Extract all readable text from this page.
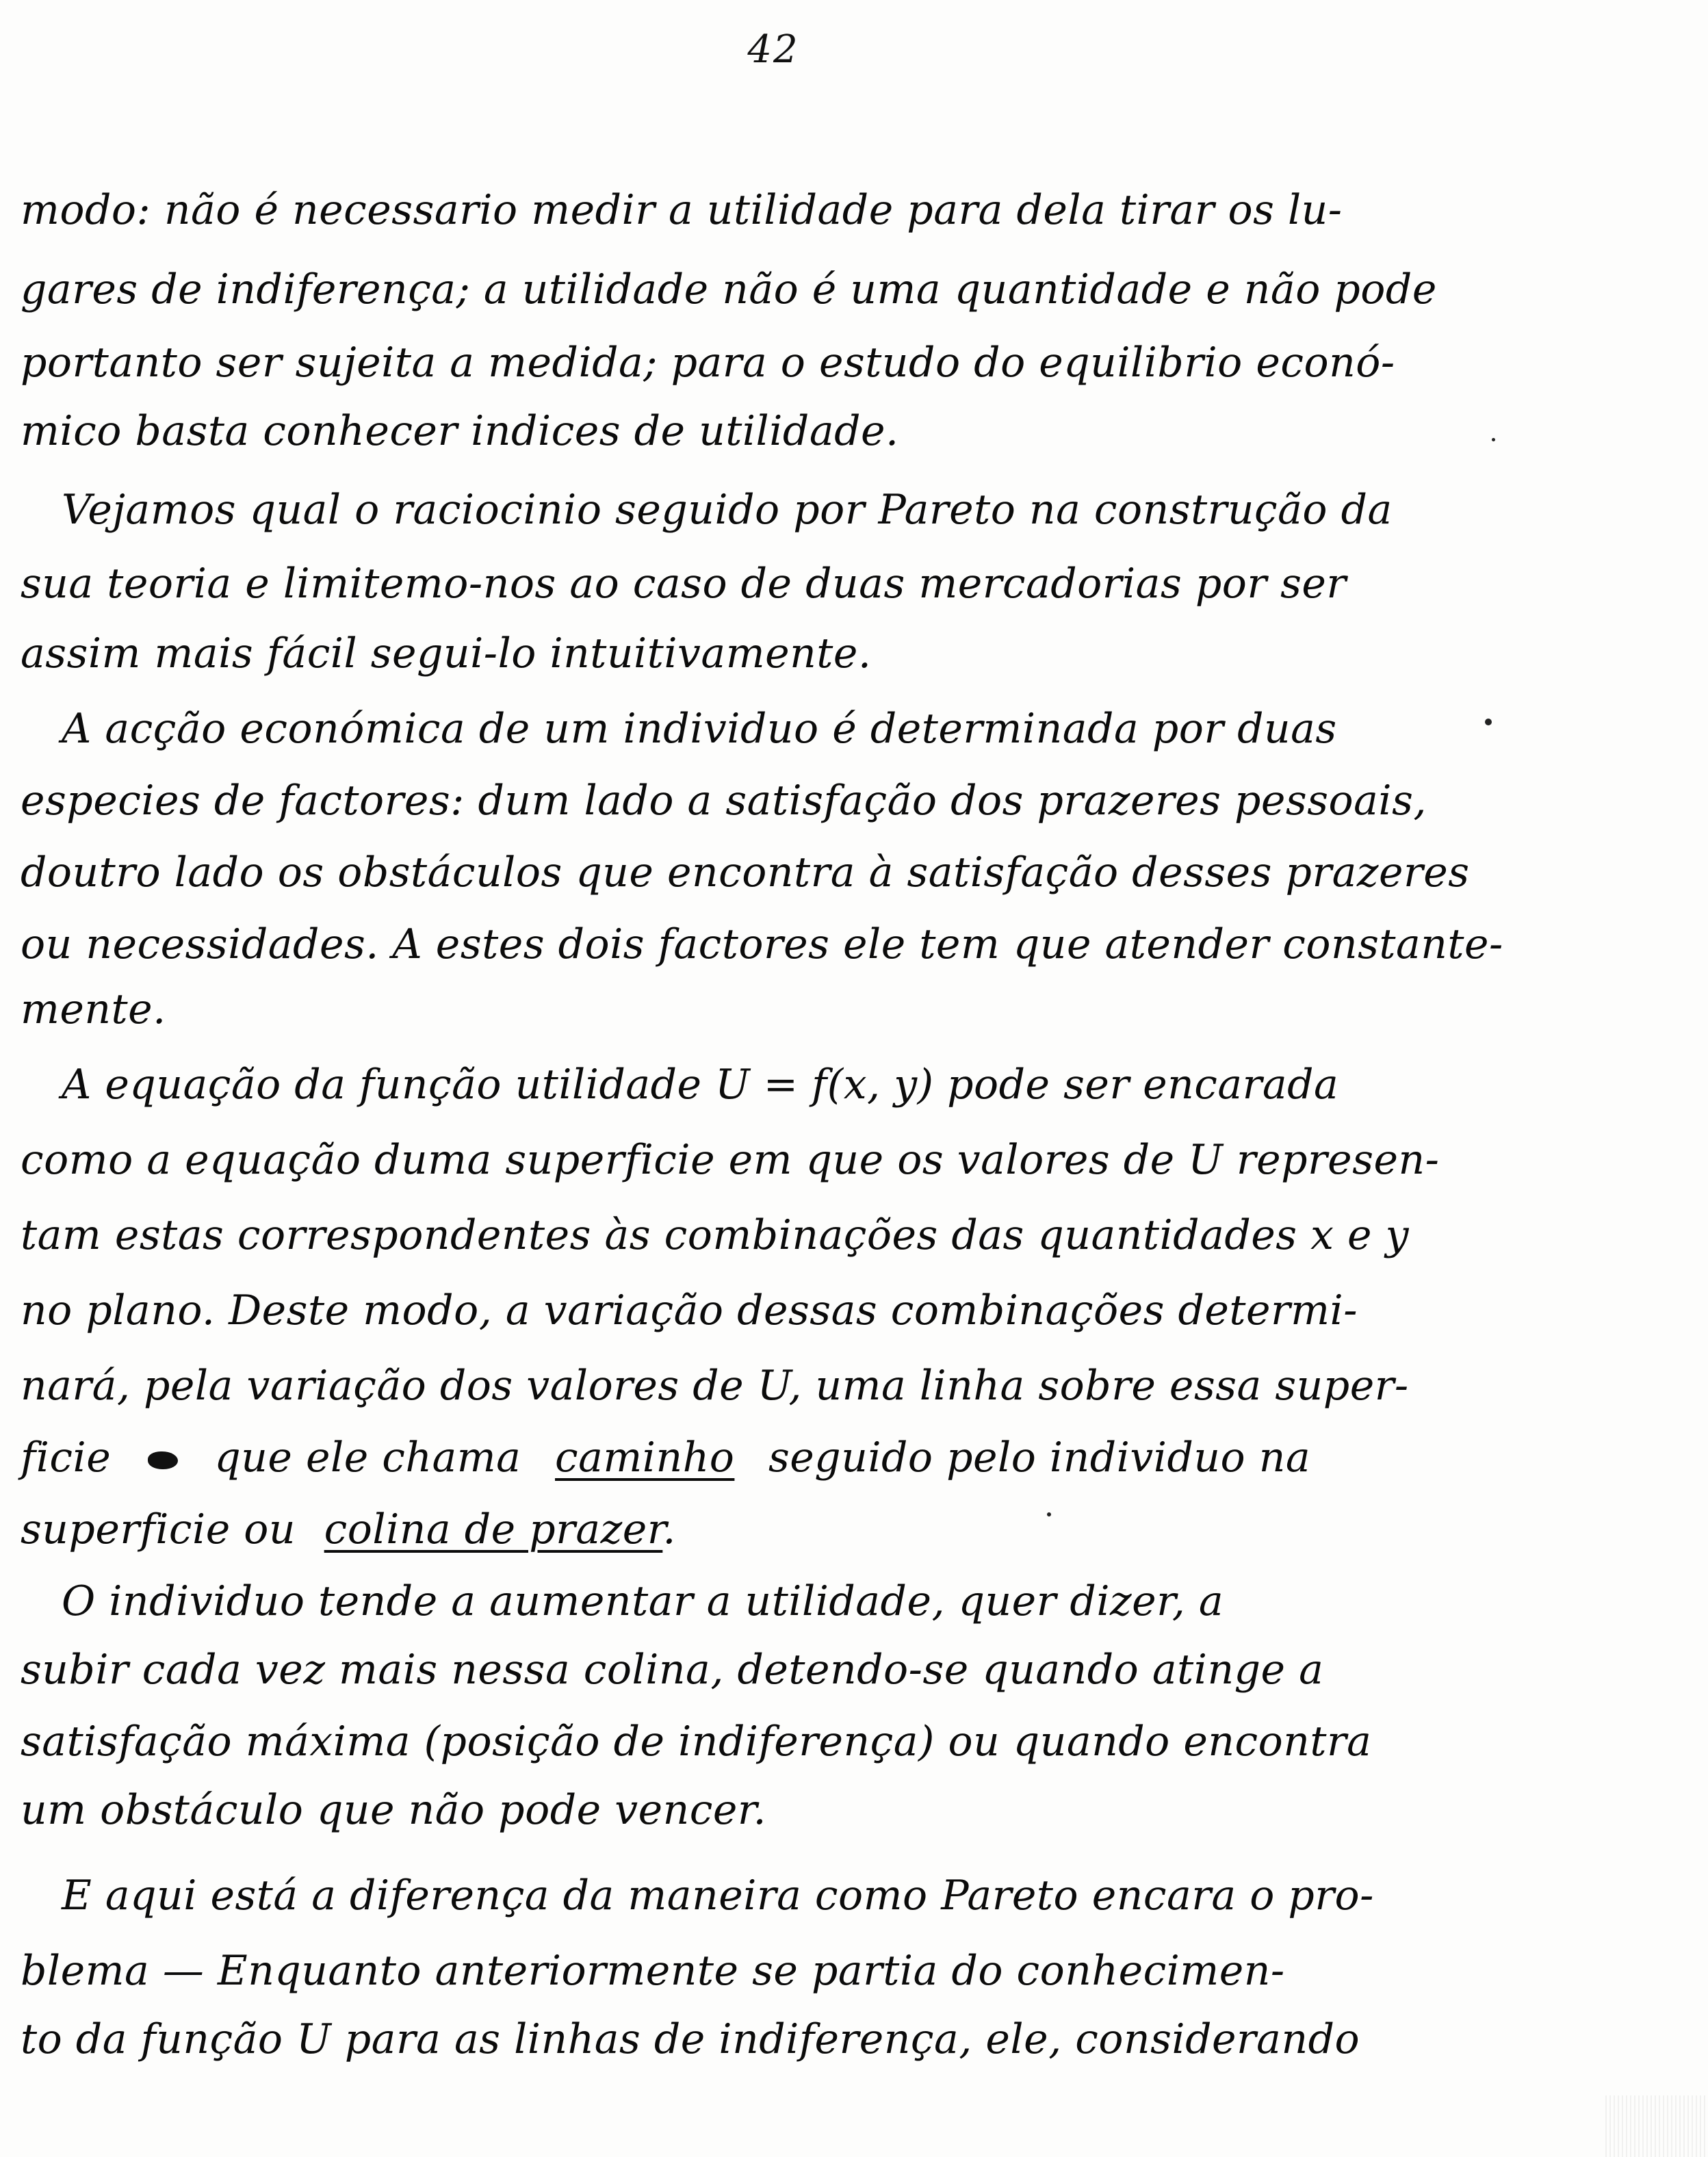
42
modo: não é necessario medir a utilidade para dela tirar os lu-
gares de indiferença; a utilidade não é uma quantidade e não pode
portanto ser sujeita a medida; para o estudo do equilibrio econó-
mico basta conhecer indices de utilidade.
Vejamos qual o raciocinio seguido por Pareto na construção da
sua teoria e limitemo-nos ao caso de duas mercadorias por ser
assim mais fácil segui-lo intuitivamente.
A acção económica de um individuo é determinada por duas
especies de factores: dum lado a satisfação dos prazeres pessoais,
doutro lado os obstáculos que encontra à satisfação desses prazeres
ou necessidades. A estes dois factores ele tem que atender constante-
mente.
A equação da função utilidade U = f(x, y) pode ser encarada
como a equação duma superficie em que os valores de U represen-
tam estas correspondentes às combinações das quantidades x e y
no plano. Deste modo, a variação dessas combinações determi-
nará, pela variação dos valores de U, uma linha sobre essa super-
ficie	que ele chama caminho seguido pelo individuo na
superficie ou colina de prazer.
O individuo tende a aumentar a utilidade, quer dizer, a
subir cada vez mais nessa colina, detendo-se quando atinge a
satisfação máxima (posição de indiferença) ou quando encontra
um obstáculo que não pode vencer.
E aqui está a diferença da maneira como Pareto encara o pro-
blema — Enquanto anteriormente se partia do conhecimen-
to da função U para as linhas de indiferença, ele, considerando
